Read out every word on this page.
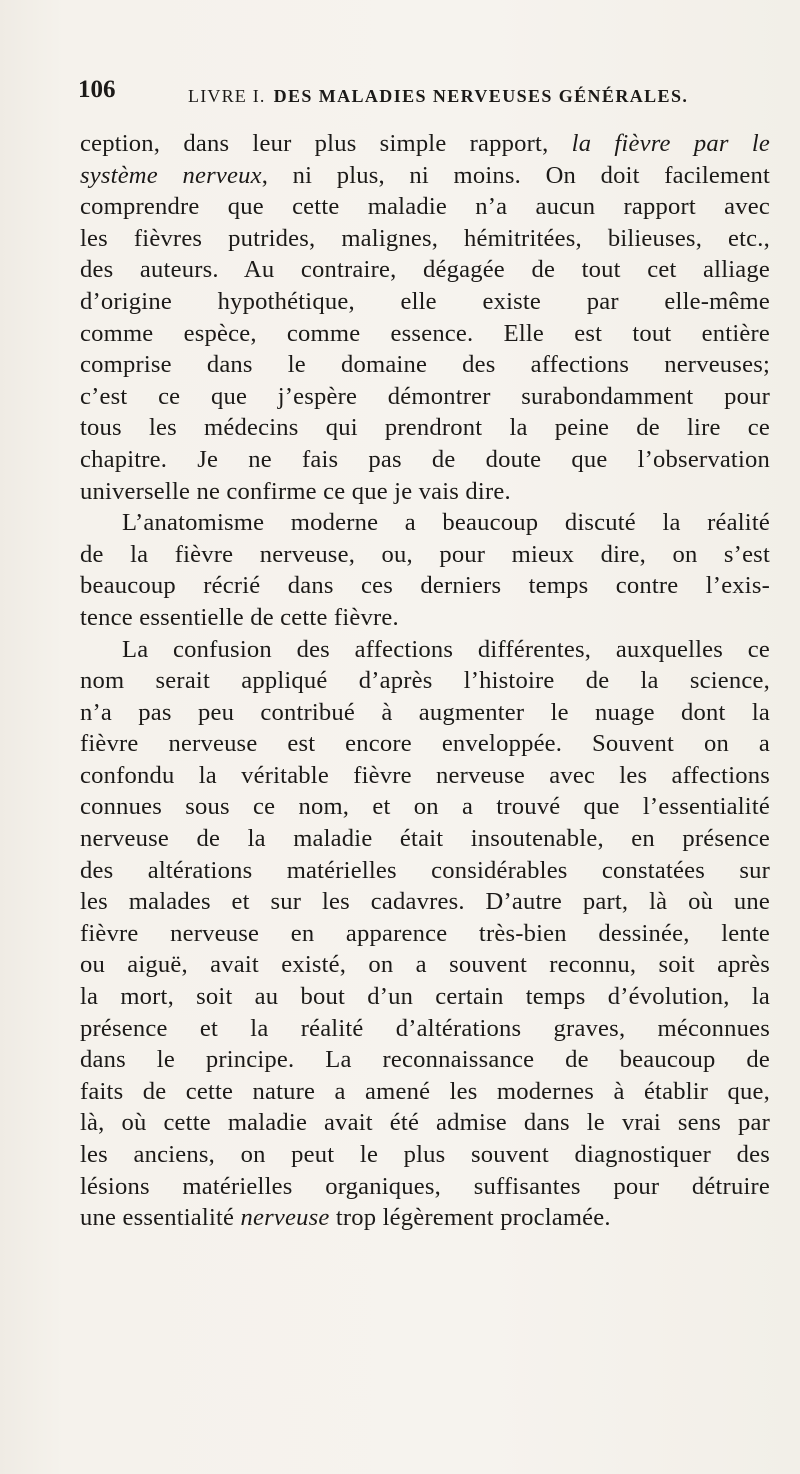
106	LIVRE I. DES MALADIES NERVEUSES GÉNÉRALES.
ception, dans leur plus simple rapport, la fièvre par le
système nerveux, ni plus, ni moins. On doit facilement
comprendre que cette maladie n’a aucun rapport avec
les fièvres putrides, malignes, hémitritées, bilieuses, etc.,
des auteurs. Au contraire, dégagée de tout cet alliage
d’origine hypothétique, elle existe par elle-même
comme espèce, comme essence. Elle est tout entière
comprise dans le domaine des affections nerveuses;
c’est ce que j’espère démontrer surabondamment pour
tous les médecins qui prendront la peine de lire ce
chapitre. Je ne fais pas de doute que l’observation
universelle ne confirme ce que je vais dire.
L’anatomisme moderne a beaucoup discuté la réalité
de la fièvre nerveuse, ou, pour mieux dire, on s’est
beaucoup récrié dans ces derniers temps contre l’exis-
tence essentielle de cette fièvre.
La confusion des affections différentes, auxquelles ce
nom serait appliqué d’après l’histoire de la science,
n’a pas peu contribué à augmenter le nuage dont la
fièvre nerveuse est encore enveloppée. Souvent on a
confondu la véritable fièvre nerveuse avec les affections
connues sous ce nom, et on a trouvé que l’essentialité
nerveuse de la maladie était insoutenable, en présence
des altérations matérielles considérables constatées sur
les malades et sur les cadavres. D’autre part, là où une
fièvre nerveuse en apparence très-bien dessinée, lente
ou aiguë, avait existé, on a souvent reconnu, soit après
la mort, soit au bout d’un certain temps d’évolution, la
présence et la réalité d’altérations graves, méconnues
dans le principe. La reconnaissance de beaucoup de
faits de cette nature a amené les modernes à établir que,
là, où cette maladie avait été admise dans le vrai sens par
les anciens, on peut le plus souvent diagnostiquer des
lésions matérielles organiques, suffisantes pour détruire
une essentialité nerveuse trop légèrement proclamée.
